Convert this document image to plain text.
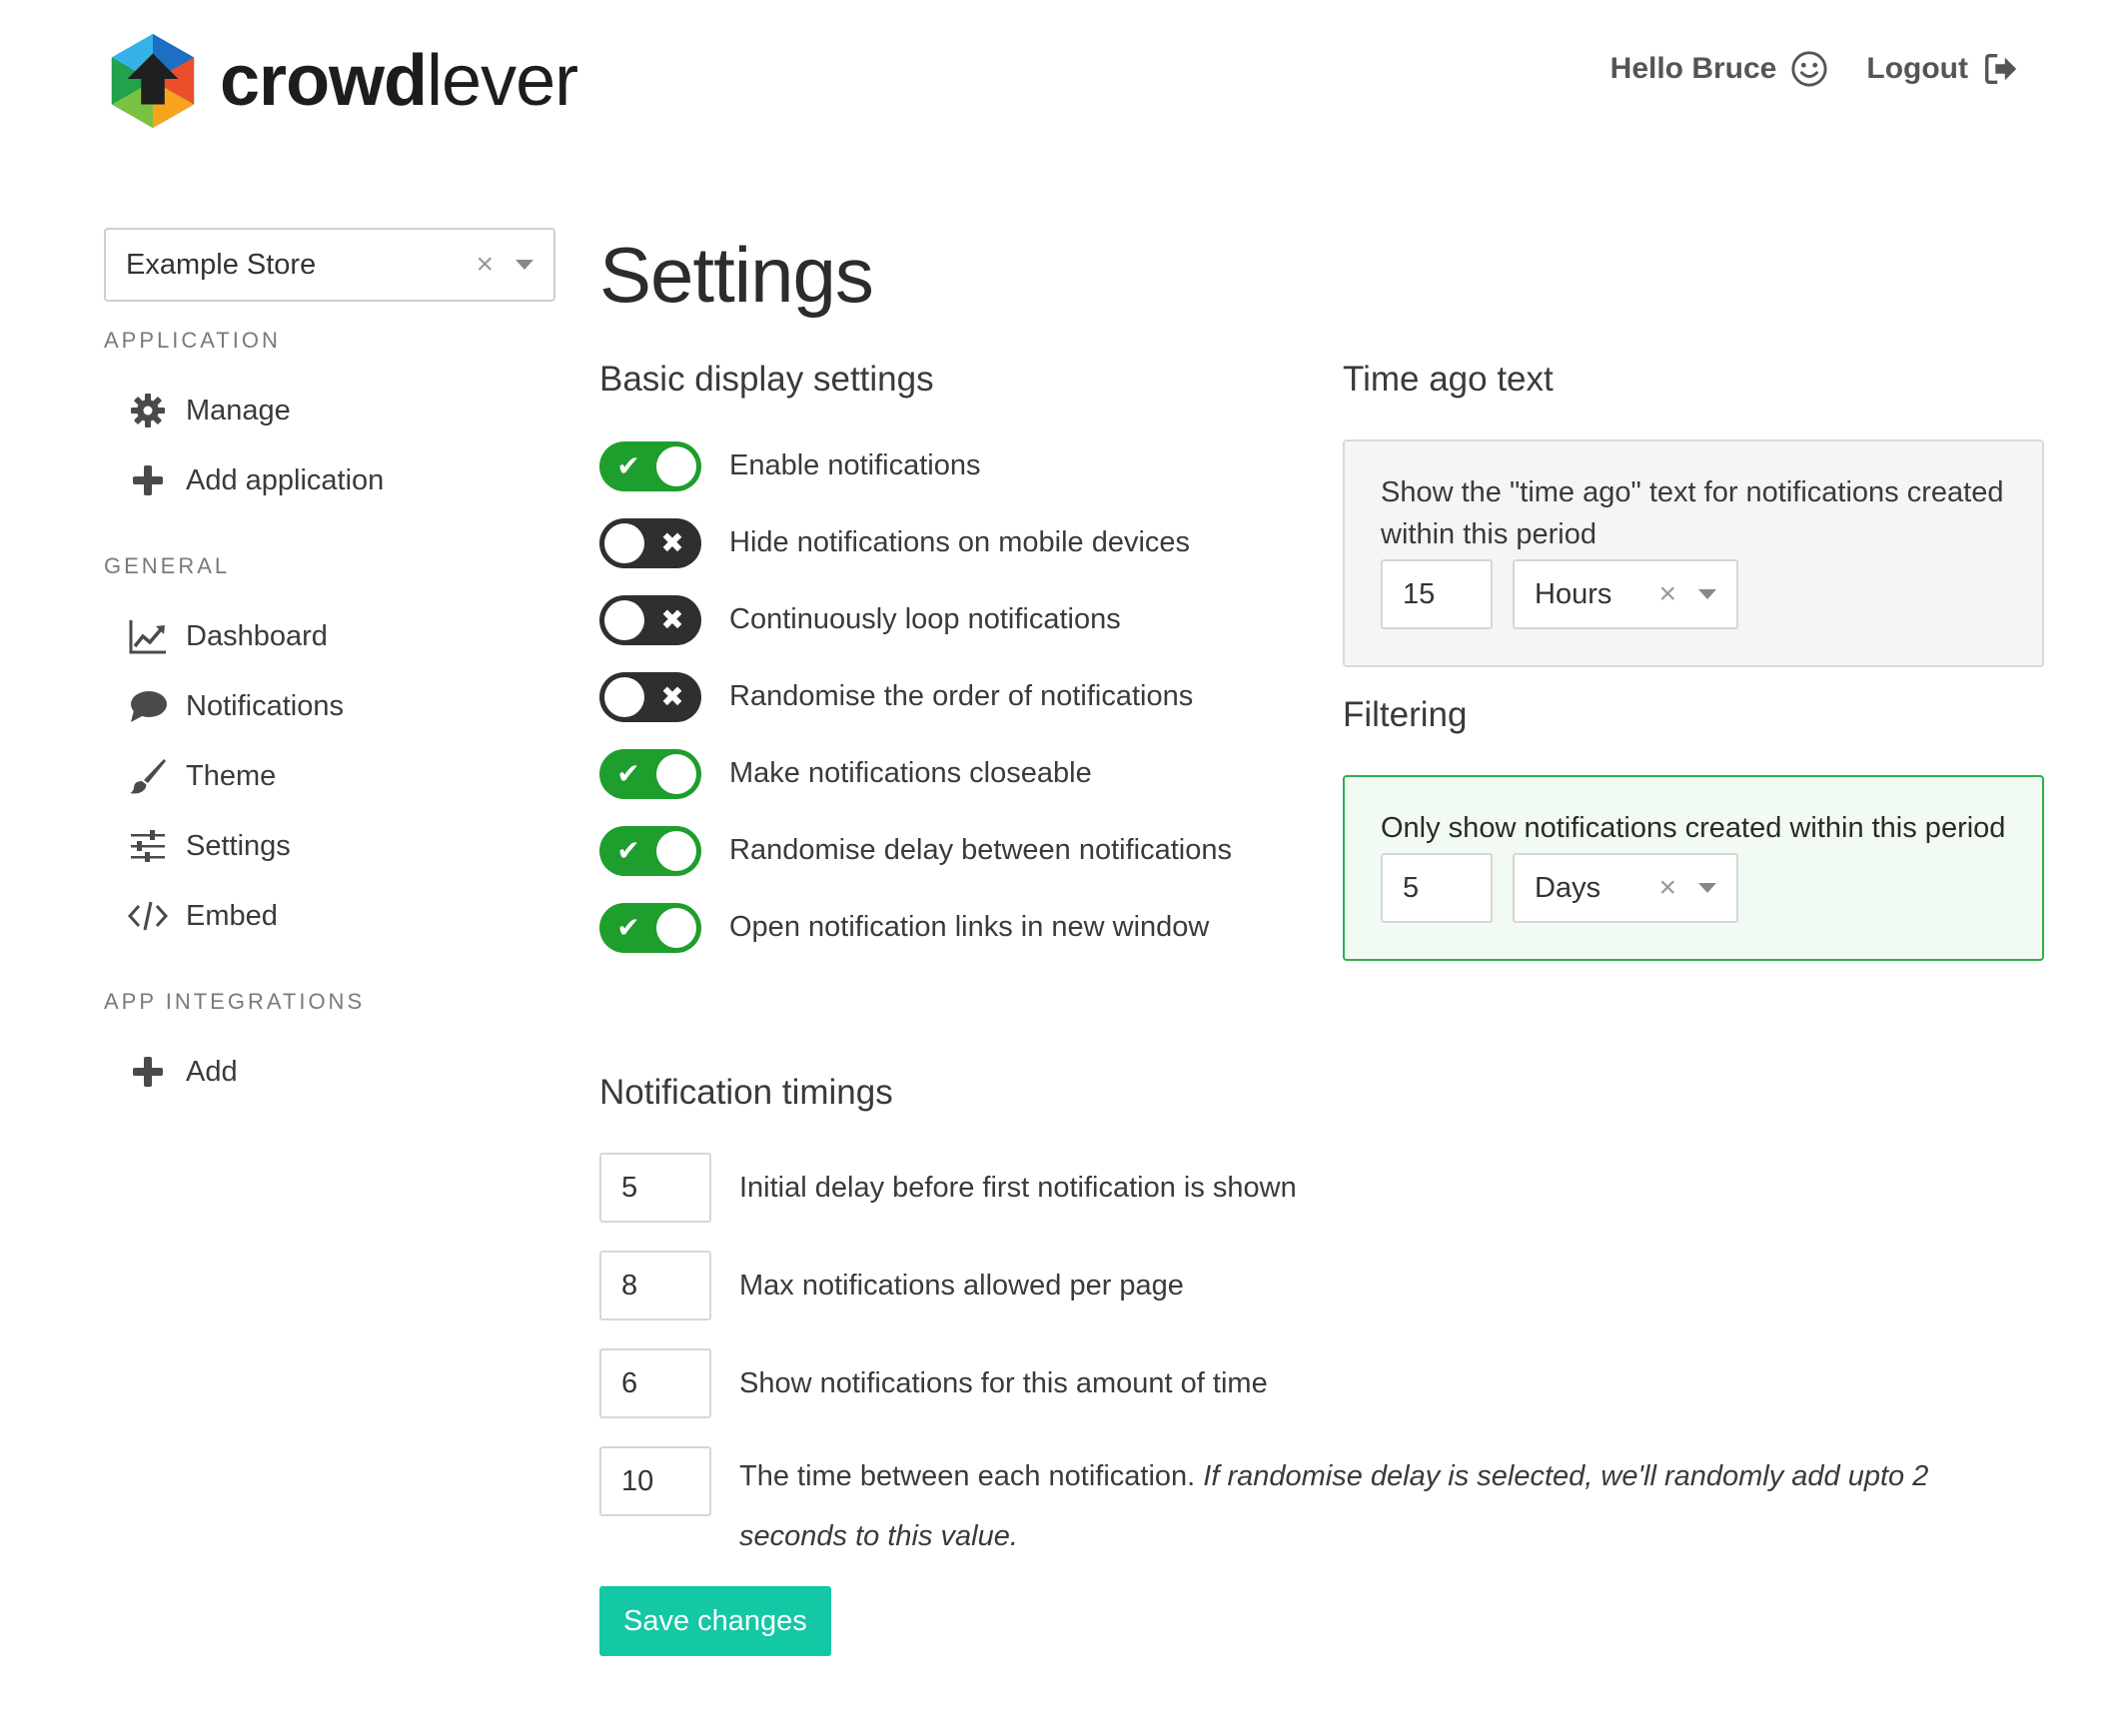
crowdlever	Hello Bruce	Logout
Example Store	×
APPLICATION
Manage
Add application
GENERAL
Dashboard
Notifications
Theme
Settings
Embed
APP INTEGRATIONS
Add
Settings
Basic display settings
✔	Enable notifications
✖	Hide notifications on mobile devices
✖	Continuously loop notifications
✖	Randomise the order of notifications
✔	Make notifications closeable
✔	Randomise delay between notifications
✔	Open notification links in new window
Time ago text
Show the "time ago" text for notifications created within this period
15	Hours	×
Filtering
Only show notifications created within this period
5	Days	×
Notification timings
5	Initial delay before first notification is shown
8	Max notifications allowed per page
6	Show notifications for this amount of time
10	The time between each notification. If randomise delay is selected, we'll randomly add upto 2 seconds to this value.
Save changes
